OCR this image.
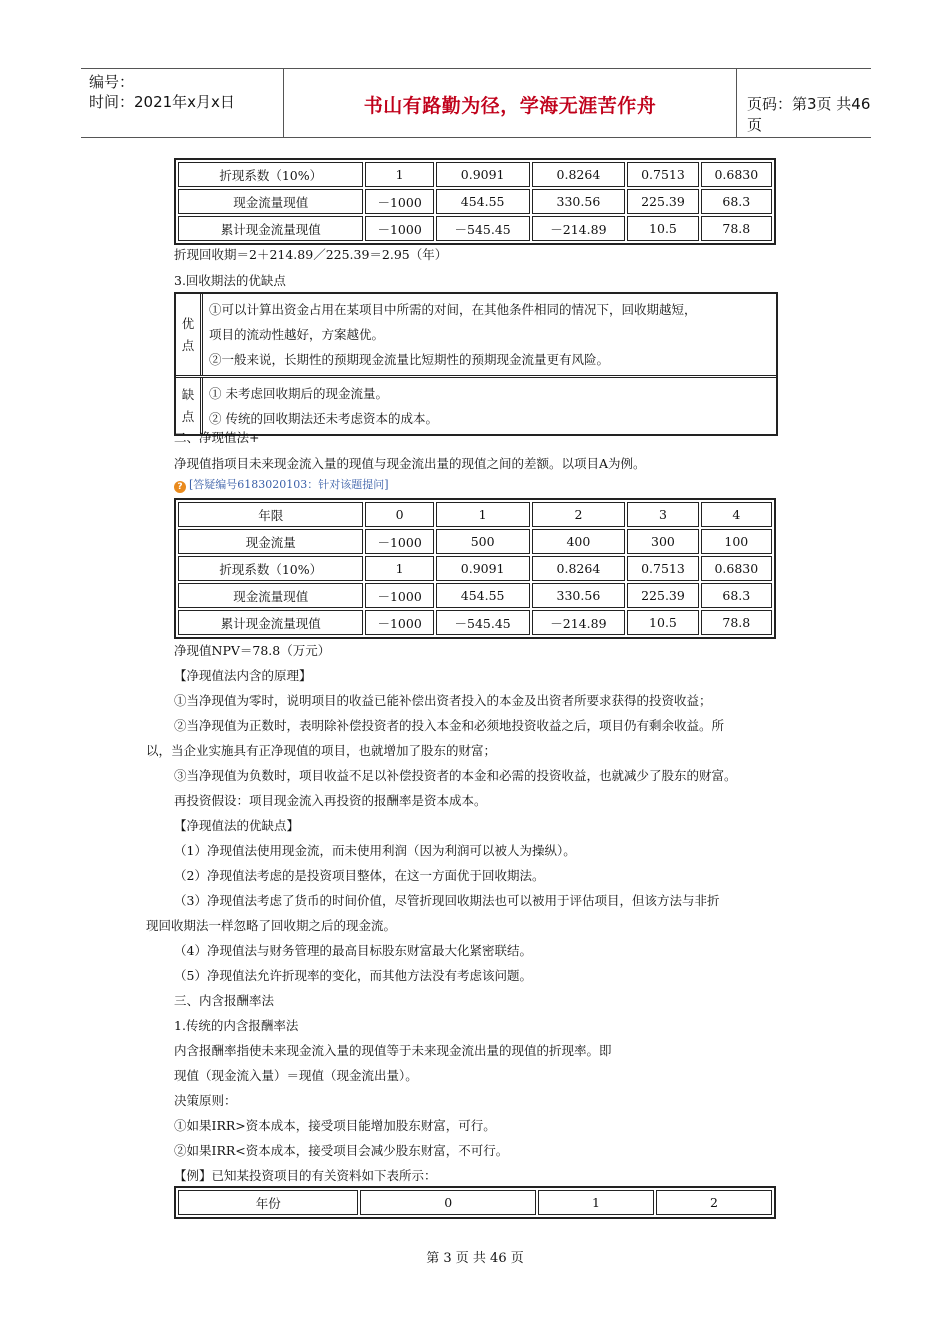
编号：
时间：2021年x月x日	书山有路勤为径，学海无涯苦作舟	页码：第3页 共46页
折现系数（10%）	1	0.9091	0.8264	0.7513	0.6830
现金流量现值	－1000	454.55	330.56	225.39	68.3
累计现金流量现值	－1000	－545.45	－214.89	10.5	78.8
折现回收期＝2＋214.89／225.39＝2.95（年）
3.回收期法的优缺点
优
点
①可以计算出资金占用在某项目中所需的对间，在其他条件相同的情况下，回收期越短，
项目的流动性越好，方案越优。
②一般来说，长期性的预期现金流量比短期性的预期现金流量更有风险。
缺
点
① 未考虑回收期后的现金流量。
② 传统的回收期法还未考虑资本的成本。
二、净现值法+
净现值指项目未来现金流入量的现值与现金流出量的现值之间的差额。以项目A为例。
? [答疑编号6183020103：针对该题提问]
年限	0	1	2	3	4
现金流量	－1000	500	400	300	100
折现系数（10%）	1	0.9091	0.8264	0.7513	0.6830
现金流量现值	－1000	454.55	330.56	225.39	68.3
累计现金流量现值	－1000	－545.45	－214.89	10.5	78.8
净现值NPV＝78.8（万元）
【净现值法内含的原理】
①当净现值为零时，说明项目的收益已能补偿出资者投入的本金及出资者所要求获得的投资收益；
②当净现值为正数时，表明除补偿投资者的投入本金和必须地投资收益之后，项目仍有剩余收益。所
以，当企业实施具有正净现值的项目，也就增加了股东的财富；
③当净现值为负数时，项目收益不足以补偿投资者的本金和必需的投资收益，也就减少了股东的财富。
再投资假设：项目现金流入再投资的报酬率是资本成本。
【净现值法的优缺点】
（1）净现值法使用现金流，而未使用利润（因为利润可以被人为操纵）。
（2）净现值法考虑的是投资项目整体，在这一方面优于回收期法。
（3）净现值法考虑了货币的时间价值，尽管折现回收期法也可以被用于评估项目，但该方法与非折
现回收期法一样忽略了回收期之后的现金流。
（4）净现值法与财务管理的最高目标股东财富最大化紧密联结。
（5）净现值法允许折现率的变化，而其他方法没有考虑该问题。
三、内含报酬率法
1.传统的内含报酬率法
内含报酬率指使未来现金流入量的现值等于未来现金流出量的现值的折现率。即
现值（现金流入量）＝现值（现金流出量）。
决策原则：
①如果IRR>资本成本，接受项目能增加股东财富，可行。
②如果IRR<资本成本，接受项目会减少股东财富，不可行。
【例】已知某投资项目的有关资料如下表所示：
年份	0	1	2
第 3 页 共 46 页
